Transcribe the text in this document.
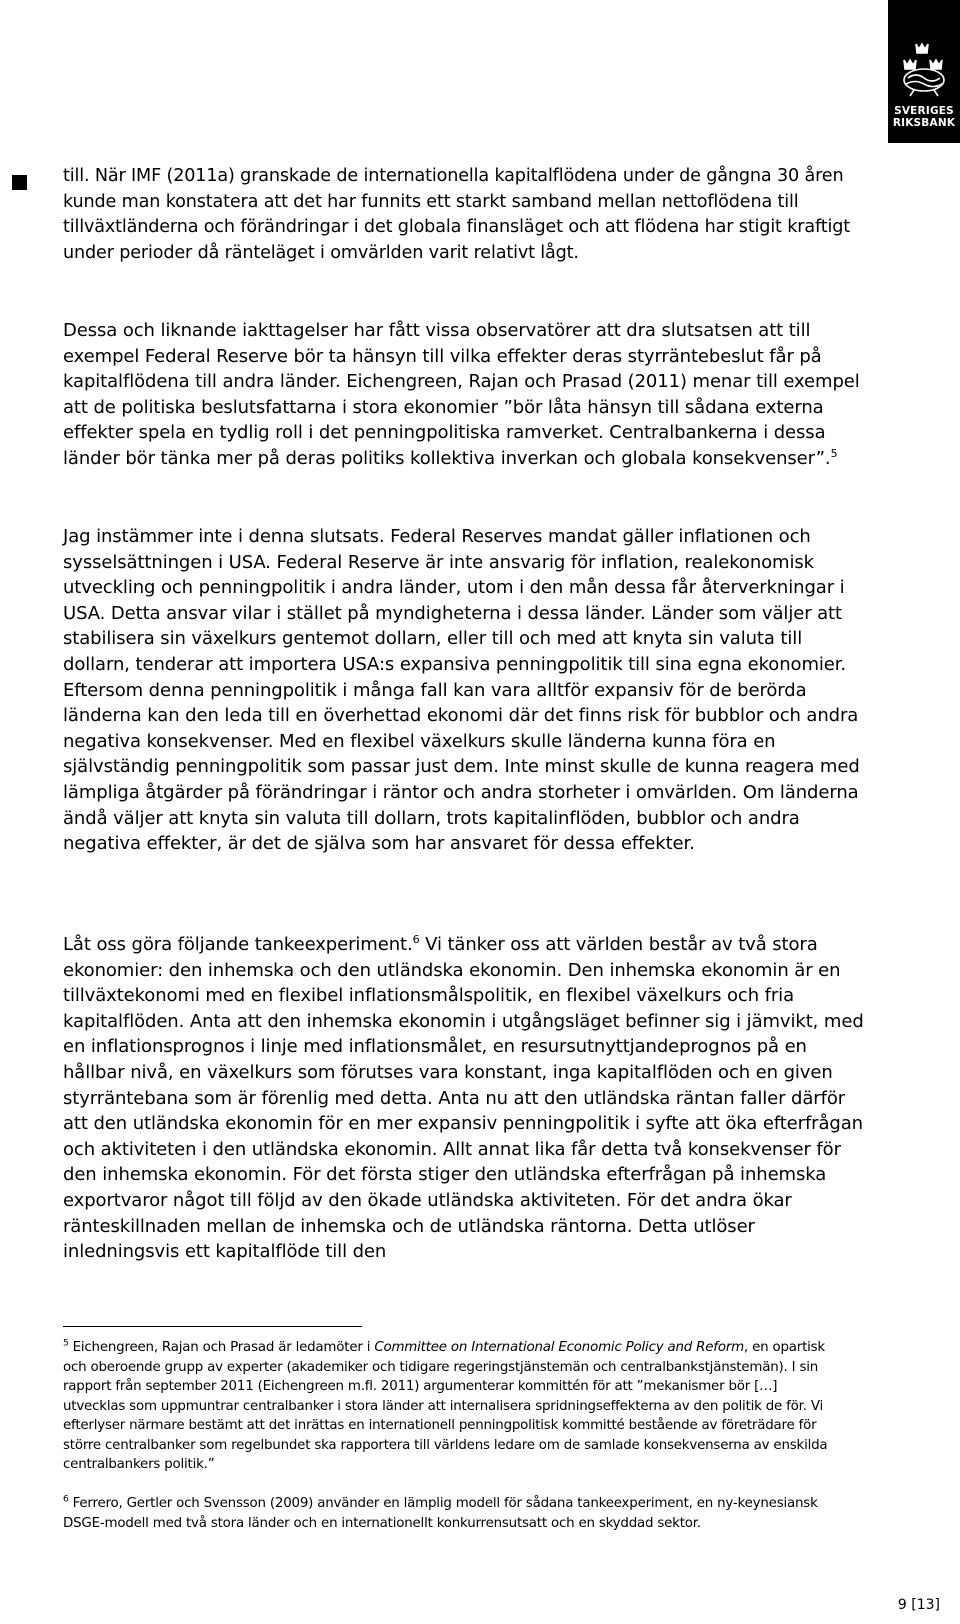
SVERIGES
RIKSBANK

till. När IMF (2011a) granskade de internationella kapitalflödena under de gångna 30 åren kunde man konstatera att det har funnits ett starkt samband mellan nettoflödena till tillväxtländerna och förändringar i det globala finansläget och att flödena har stigit kraftigt under perioder då ränteläget i omvärlden varit relativt lågt.

Dessa och liknande iakttagelser har fått vissa observatörer att dra slutsatsen att till exempel Federal Reserve bör ta hänsyn till vilka effekter deras styrräntebeslut får på kapitalflödena till andra länder. Eichengreen, Rajan och Prasad (2011) menar till exempel att de politiska beslutsfattarna i stora ekonomier ”bör låta hänsyn till sådana externa effekter spela en tydlig roll i det penningpolitiska ramverket. Centralbankerna i dessa länder bör tänka mer på deras politiks kollektiva inverkan och globala konsekvenser”.$^5$

Jag instämmer inte i denna slutsats. Federal Reserves mandat gäller inflationen och sysselsättningen i USA. Federal Reserve är inte ansvarig för inflation, realekonomisk utveckling och penningpolitik i andra länder, utom i den mån dessa får återverkningar i USA. Detta ansvar vilar i stället på myndigheterna i dessa länder. Länder som väljer att stabilisera sin växelkurs gentemot dollarn, eller till och med att knyta sin valuta till dollarn, tenderar att importera USA:s expansiva penningpolitik till sina egna ekonomier. Eftersom denna penningpolitik i många fall kan vara alltför expansiv för de berörda länderna kan den leda till en överhettad ekonomi där det finns risk för bubblor och andra negativa konsekvenser. Med en flexibel växelkurs skulle länderna kunna föra en självständig penningpolitik som passar just dem. Inte minst skulle de kunna reagera med lämpliga åtgärder på förändringar i räntor och andra storheter i omvärlden. Om länderna ändå väljer att knyta sin valuta till dollarn, trots kapitalinflöden, bubblor och andra negativa effekter, är det de själva som har ansvaret för dessa effekter.

Låt oss göra följande tankeexperiment.$^6$ Vi tänker oss att världen består av två stora ekonomier: den inhemska och den utländska ekonomin. Den inhemska ekonomin är en tillväxtekonomi med en flexibel inflationsmålspolitik, en flexibel växelkurs och fria kapitalflöden. Anta att den inhemska ekonomin i utgångsläget befinner sig i jämvikt, med en inflationsprognos i linje med inflationsmålet, en resursutnyttjandeprognos på en hållbar nivå, en växelkurs som förutses vara konstant, inga kapitalflöden och en given styrräntebana som är förenlig med detta. Anta nu att den utländska räntan faller därför att den utländska ekonomin för en mer expansiv penningpolitik i syfte att öka efterfrågan och aktiviteten i den utländska ekonomin. Allt annat lika får detta två konsekvenser för den inhemska ekonomin. För det första stiger den utländska efterfrågan på inhemska exportvaror något till följd av den ökade utländska aktiviteten. För det andra ökar ränteskillnaden mellan de inhemska och de utländska räntorna. Detta utlöser inledningsvis ett kapitalflöde till den

$^5$ Eichengreen, Rajan och Prasad är ledamöter i Committee on International Economic Policy and Reform, en opartisk och oberoende grupp av experter (akademiker och tidigare regeringstjänstemän och centralbankstjänstemän). I sin rapport från september 2011 (Eichengreen m.fl. 2011) argumenterar kommittén för att ”mekanismer bör […] utvecklas som uppmuntrar centralbanker i stora länder att internalisera spridningseffekterna av den politik de för. Vi efterlyser närmare bestämt att det inrättas en internationell penningpolitisk kommitté bestående av företrädare för större centralbanker som regelbundet ska rapportera till världens ledare om de samlade konsekvenserna av enskilda centralbankers politik.”

$^6$ Ferrero, Gertler och Svensson (2009) använder en lämplig modell för sådana tankeexperiment, en ny-keynesiansk DSGE-modell med två stora länder och en internationellt konkurrensutsatt och en skyddad sektor.

9 [13]
